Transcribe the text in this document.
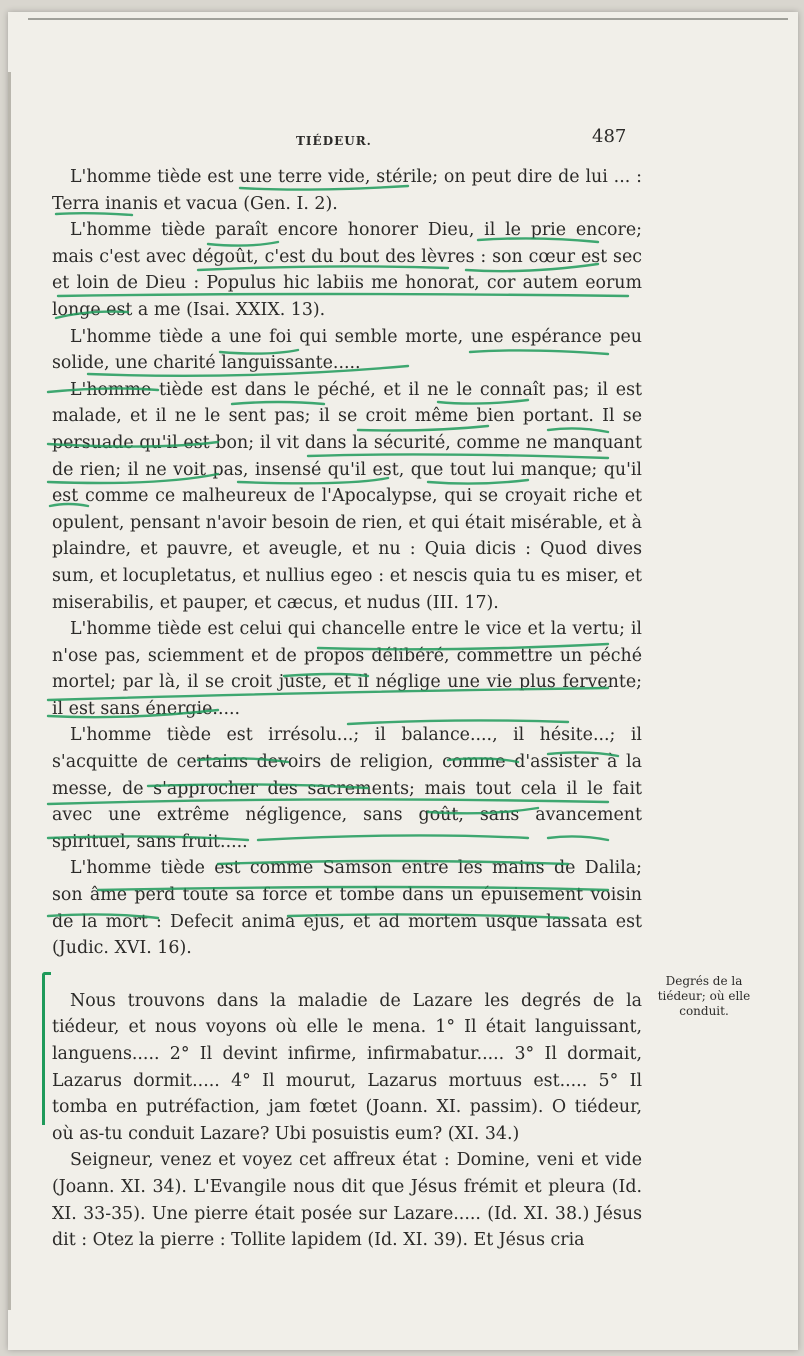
TIÉDEUR.	487

L'homme tiède est une terre vide, stérile; on peut dire de lui ... : Terra inanis et vacua (Gen. I. 2).

L'homme tiède paraît encore honorer Dieu, il le prie encore; mais c'est avec dégoût, c'est du bout des lèvres : son cœur est sec et loin de Dieu : Populus hic labiis me honorat, cor autem eorum longe est a me (Isai. XXIX. 13).

L'homme tiède a une foi qui semble morte, une espérance peu solide, une charité languissante.....

L'homme tiède est dans le péché, et il ne le connaît pas; il est malade, et il ne le sent pas; il se croit même bien portant. Il se persuade qu'il est bon; il vit dans la sécurité, comme ne manquant de rien; il ne voit pas, insensé qu'il est, que tout lui manque; qu'il est comme ce malheureux de l'Apocalypse, qui se croyait riche et opulent, pensant n'avoir besoin de rien, et qui était misérable, et à plaindre, et pauvre, et aveugle, et nu : Quia dicis : Quod dives sum, et locupletatus, et nullius egeo : et nescis quia tu es miser, et miserabilis, et pauper, et cæcus, et nudus (III. 17).

L'homme tiède est celui qui chancelle entre le vice et la vertu; il n'ose pas, sciemment et de propos délibéré, commettre un péché mortel; par là, il se croit juste, et il néglige une vie plus fervente; il est sans énergie.....

L'homme tiède est irrésolu...; il balance...., il hésite...; il s'acquitte de certains devoirs de religion, comme d'assister à la messe, de s'approcher des sacrements; mais tout cela il le fait avec une extrême négligence, sans goût, sans avancement spirituel, sans fruit.....

L'homme tiède est comme Samson entre les mains de Dalila; son âme perd toute sa force et tombe dans un épuisement voisin de la mort : Defecit anima ejus, et ad mortem usque lassata est (Judic. XVI. 16).

Nous trouvons dans la maladie de Lazare les degrés de la tiédeur, et nous voyons où elle le mena. 1° Il était languissant, languens..... 2° Il devint infirme, infirmabatur..... 3° Il dormait, Lazarus dormit..... 4° Il mourut, Lazarus mortuus est..... 5° Il tomba en putréfaction, jam fœtet (Joann. XI. passim). O tiédeur, où as-tu conduit Lazare? Ubi posuistis eum? (XI. 34.)

Seigneur, venez et voyez cet affreux état : Domine, veni et vide (Joann. XI. 34). L'Evangile nous dit que Jésus frémit et pleura (Id. XI. 33-35). Une pierre était posée sur Lazare..... (Id. XI. 38.) Jésus dit : Otez la pierre : Tollite lapidem (Id. XI. 39). Et Jésus cria

Degrés de la tiédeur; où elle conduit.
